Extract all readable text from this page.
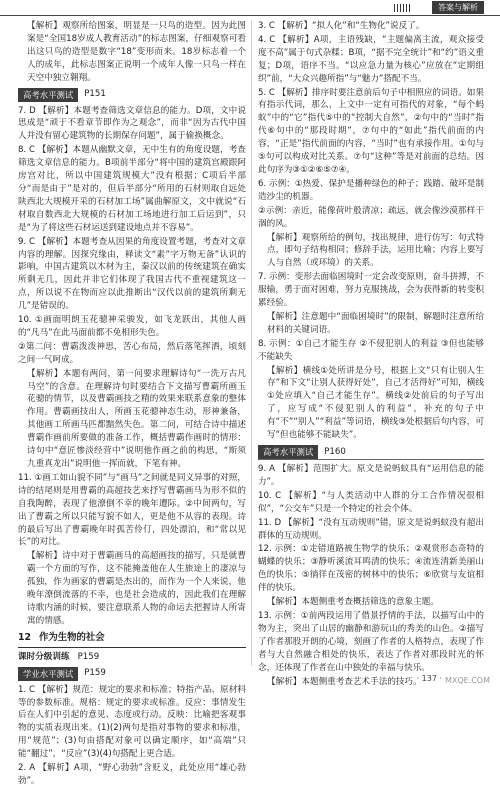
答案与解析

【解析】观察所给图案，明显是一只鸟的造型。因为此图案是“全国18岁成人教育活动”的标志图案，仔细观察可看出这只鸟的造型是数字“18”变形而来。18岁标志着一个人的成年，此标志图案正说明一个成年人像一只鸟一样在天空中独立翱翔。

高考水平测试	P151

7. D 【解析】本题考查筛选文章信息的能力。D项，文中说思成是“顽于不看章节即作为之观念”，而非“因为古代中国人并没有留心建筑物的长期保存问题”，属于偷换概念。

8. C 【解析】本题从幽默文章，无中生有的角度设题，考查筛选文章信息的能力。B项前半部分“将中国的建筑宫殿跟阿房宫对比，所以中国建筑规模大”没有根据；C项后半部分“而是由于”是对的，但后半部分“所用的石材则取自远处陕西北大规模开采的石材加工场”属曲解原文，文中就说“石材取自数西北大规模的石材加工场地进行加工后运到”，只是“为了将这些石材运送到建设地点并不容易”。

9. C 【解析】本题考查从因果的角度设置考题，考查对文章内容的理解。因探究缘由，释读文“素”字万物无备”认识的影响，中国古建筑以木材为主，秦汉以前的传统建筑在确实所剩无几，因此并非它们体现了我国古代不重视建筑这一点，所以说不在物而应以此推断出“汉代以前的建筑所剩无几”是错误的。

10. ①画面明朗玉花骢神采骏发，如飞龙跃出，其他人画的“凡马”在此马面前都不免相形失色。

②第二问：曹霸泼泼神思，苦心布局，然后落笔挥洒，顷刻之间一气呵成。

【解析】本题有两问，第一问要求理解诗句“一洗万古凡马空”的含意。在理解诗句时要结合下文描写曹霸所画玉花骢的情节，以及曹霸画技之精的效果来联系意象的整体作用。曹霸画技出人，所画玉花骢神态生动，形神兼备，其他画工所画马匹都黯然失色。第二问，可结合诗中描述曹霸作画前所要做的准备工作，概括曹霸作画时的情形：诗句中“意匠惨淡经营中”说明他作画之前的构思，“斯须九重真龙出”说明他一挥而就，下笔有神。

11. ①画工如山貌不同”与“画马”之间就是同义异事的对照，诗的结尾则是用曹霸的高超技艺来抒写曹霸画马为形不似的自我陶醉，表现了他潦倒不幸的晚年遭际。②中间两句，写出了曹霸之所以只能写貌不如人，更是他不从容的表现。诗的最后写出了曹霸晚年时孤苦伶仃，四处漂泊，和“常以见长”的对比。

【解析】诗中对于曹霸画马的高超画技的描写，只是就曹霸一个方面的写作，这不能掩盖他在人生旅途上的凄凉与孤独，作为画家的曹霸是杰出的，而作为一个人来说，他晚年潦倒流落的不幸，也是社会造成的，因此我们在理解诗歌内涵的时候，要注意联系人物的命运去把握诗人所寄寓的情感。

12 作为生物的社会
课时分级训练 P159
学业水平测试	P159

1. C 【解析】规范：规定的要求和标准；特指产品、原材料等的参数标准。规格：规定的要求或标准。反应：事情发生后在人们中引起的意见、态度或行动。反映：比喻把客观事物的实质表现出来。(1)(2)两句是指对事物的要求和标准，用“规范”；(3)句由搭配对象可以确定顺序，如“高端”只能“翻过”，“反应”(3)(4)句搭配上更合适。

2. A 【解析】A项，“野心勃勃”含贬义，此处应用“雄心勃勃”。

3. C 【解析】“拟人化”和“生物化”说反了。

4. C 【解析】A项，主语残缺，“主题偏离主流，观众接受度不高”属于句式杂糅；B项，“据不完全统计”和“约”语义重复；D项，语序不当。“以应急力量为核心”应放在“定期组织”前，“大众兴趣所指”与“魅力”搭配不当。

5. C 【解析】排序时要注意前后句子中相照应的词语。如果有指示代词，那么，上文中一定有可指代的对象，“每个蚂蚁”中的“它”指代⑤中的“控制大自然”，②句中的“当时”指代⑥句中的“那段时期”，⑦句中的“如此”指代前面的内容，“正是”指代前面的内容，“当时”也有承接作用。①句与⑤句可以构成对比关系。⑦句“这种”等是对前面的总结。因此句序为③①②⑥⑤⑦④。

6. 示例：①热爱、保护是播种绿色的种子；践踏、破坏是制造沙尘的机器。

②示例：亲近，能像荷叶般清凉；疏远，就会像沙漠那样干涸的风。

【解析】观察所给的例句，找出规律，进行仿写：句式特点，即句子结构相同；修辞手法，运用比喻；内容上要写人与自然（或环境）的关系。

7. 示例：变形去面临困境时一定会改变原则，奋斗拼搏，不服输，勇于面对困难，努力克服挑战，会为获得新的转变积累经验。

【解析】注意题中“面临困境时”的限制，解题时注意所给材料的关键词语。

8. 示例：①自己才能生存 ②不侵犯别人的利益 ③但也能够不能缺失

【解析】横线①处所讲是分号，根据上文“只有让别人生存”和下文“让别人获得好处”，自己才活得好”可知，横线①处应填入“自己才能生存”。横线②处前后的句子写出了，应写成“不侵犯别人的利益”，补充的句子中有“不”“别人”“利益”等词语，横线③处根据后句内容，可写“但也能够不能缺失”。

高考水平测试	P160

9. A 【解析】范围扩大。原文是说蚂蚁具有“运用信息的能力”。

10. C 【解析】“与人类活动中人群的分工合作情况很相似”，“公交车”只是一个特定的社会个体。

11. D 【解析】“没有互动规则”错，原文是说蚂蚁没有超出群体的互动规则。

12. 示例：①走错道路被生物学的快乐；②观赏形态奇特的蝴蝶的快乐；③静听溪流耳鸣清的快乐；④流连清新美丽山色的快乐；⑤徜徉在茂密的树林中的快乐；⑥欣赏与友谊相伴的快乐。

【解析】本题侧重考查概括筛选的意象主题。

13. 示例：①前两段运用了借景抒情的手法，以描写山中的物为主，突出了山居的幽静和游玩山的秀美的山色。②描写了作者那股开朗的心境，刻画了作者的人格特点，表现了作者与大自然融合相处的快乐，表达了作者对那段时光的怀念，还体现了作者在山中独处的幸福与快乐。

【解析】本题侧重考查艺术手法的技巧。

· 137 · MXQE.COM
